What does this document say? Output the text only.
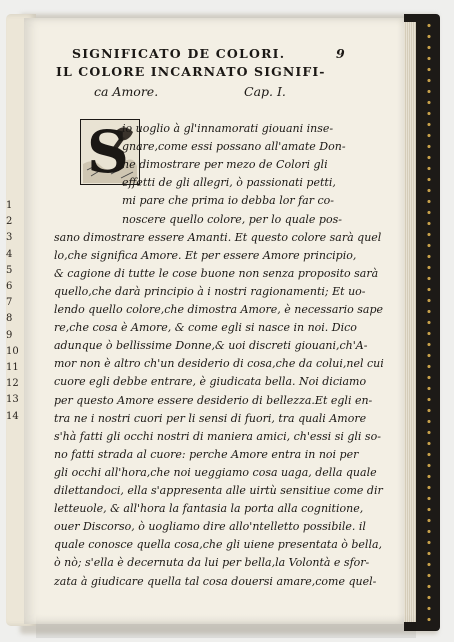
SIGNIFICATO DE COLORI.	9
IL COLORE INCARNATO SIGNIFI-
ca Amore.	Cap. I.
S
io uoglio à gl'innamorati giouani inse-
gnare,come essi possano all'amate Don-
ne dimostrare per mezo de Colori gli
effetti de gli allegri, ò passionati petti,
mi pare che prima io debba lor far co-
noscere quello colore, per lo quale pos-
sano dimostrare essere Amanti. Et questo colore sarà quel
lo,che significa Amore. Et per essere Amore principio,
& cagione di tutte le cose buone non senza proposito sarà
quello,che darà principio à i nostri ragionamenti; Et uo-
lendo quello colore,che dimostra Amore, è necessario sape
re,che cosa è Amore, & come egli si nasce in noi. Dico
adunque ò bellissime Donne,& uoi discreti giouani,ch'A-
mor non è altro ch'un desiderio di cosa,che da colui,nel cui
cuore egli debbe entrare, è giudicata bella. Noi diciamo
per questo Amore essere desiderio di bellezza.Et egli en-
tra ne i nostri cuori per li sensi di fuori, tra quali Amore
s'hà fatti gli occhi nostri di maniera amici, ch'essi si gli so-
no fatti strada al cuore: perche Amore entra in noi per
gli occhi all'hora,che noi ueggiamo cosa uaga, della quale
dilettandoci, ella s'appresenta alle uirtù sensitiue come dir
letteuole, & all'hora la fantasia la porta alla cognitione,
ouer Discorso, ò uogliamo dire allo'ntelletto possibile. il
quale conosce quella cosa,che gli uiene presentata ò bella,
ò nò; s'ella è decernuta da lui per bella,la Volontà e sfor-
zata à giudicare quella tal cosa douersi amare,come quel-
1
2
3
4
5
6
7
8
9
10
11
12
13
14
